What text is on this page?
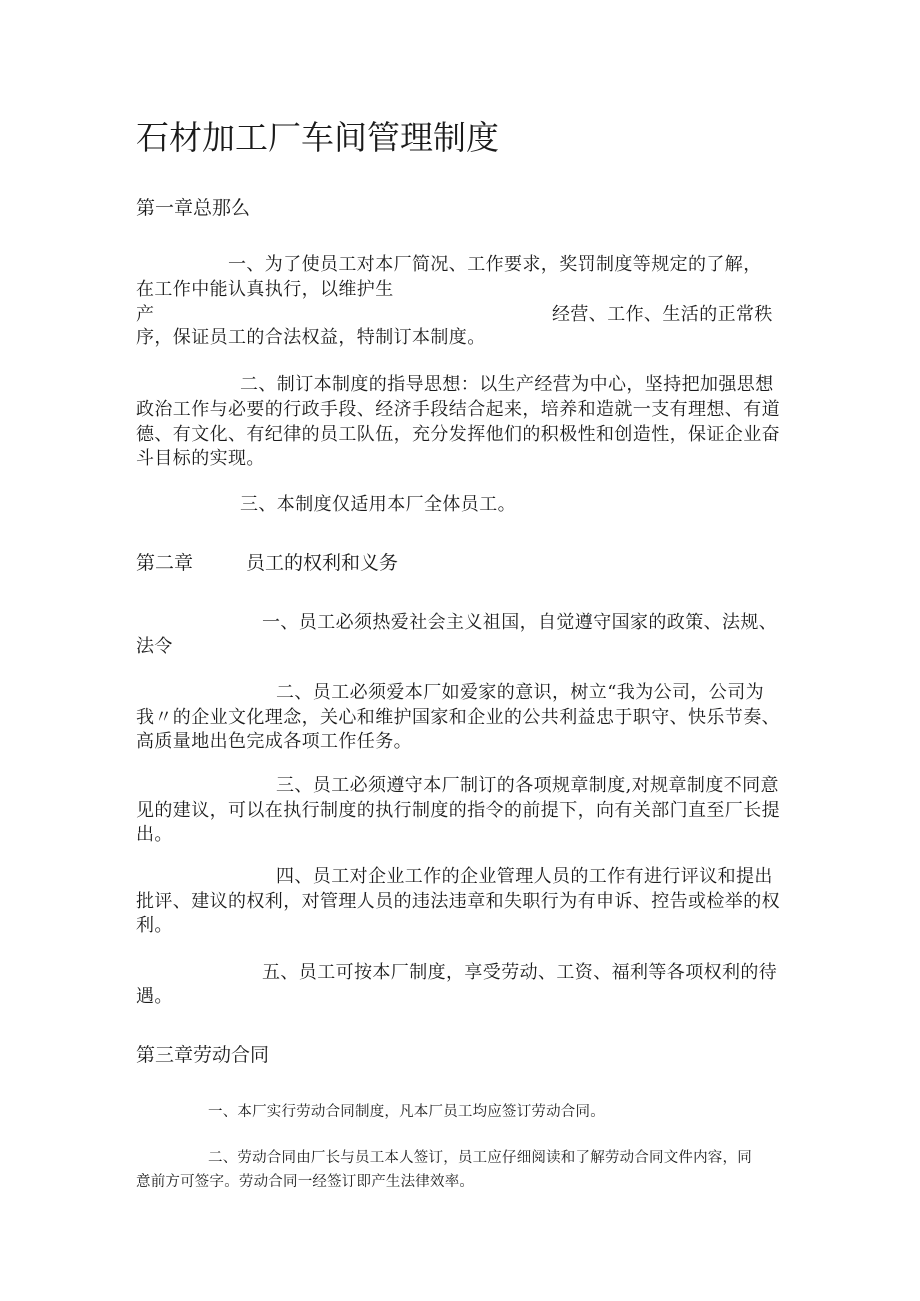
石材加工厂车间管理制度
第一章总那么
一、为了使员工对本厂简况、工作要求，奖罚制度等规定的了解，
在工作中能认真执行，以维护生
产	经营、工作、生活的正常秩
序，保证员工的合法权益，特制订本制度。
二、制订本制度的指导思想：以生产经营为中心，坚持把加强思想
政治工作与必要的行政手段、经济手段结合起来，培养和造就一支有理想、有道
德、有文化、有纪律的员工队伍，充分发挥他们的积极性和创造性，保证企业奋
斗目标的实现。
三、本制度仅适用本厂全体员工。
第二章	员工的权利和义务
一、员工必须热爱社会主义祖国，自觉遵守国家的政策、法规、
法令
二、员工必须爱本厂如爱家的意识，树立“我为公司，公司为
我〃的企业文化理念，关心和维护国家和企业的公共利益忠于职守、快乐节奏、
高质量地出色完成各项工作任务。
三、员工必须遵守本厂制订的各项规章制度,对规章制度不同意
见的建议，可以在执行制度的执行制度的指令的前提下，向有关部门直至厂长提
出。
四、员工对企业工作的企业管理人员的工作有进行评议和提出
批评、建议的权利，对管理人员的违法违章和失职行为有申诉、控告或检举的权
利。
五、员工可按本厂制度，享受劳动、工资、福利等各项权利的待
遇。
第三章劳动合同
一、本厂实行劳动合同制度，凡本厂员工均应签订劳动合同。
二、劳动合同由厂长与员工本人签订，员工应仔细阅读和了解劳动合同文件内容，同
意前方可签字。劳动合同一经签订即产生法律效率。
